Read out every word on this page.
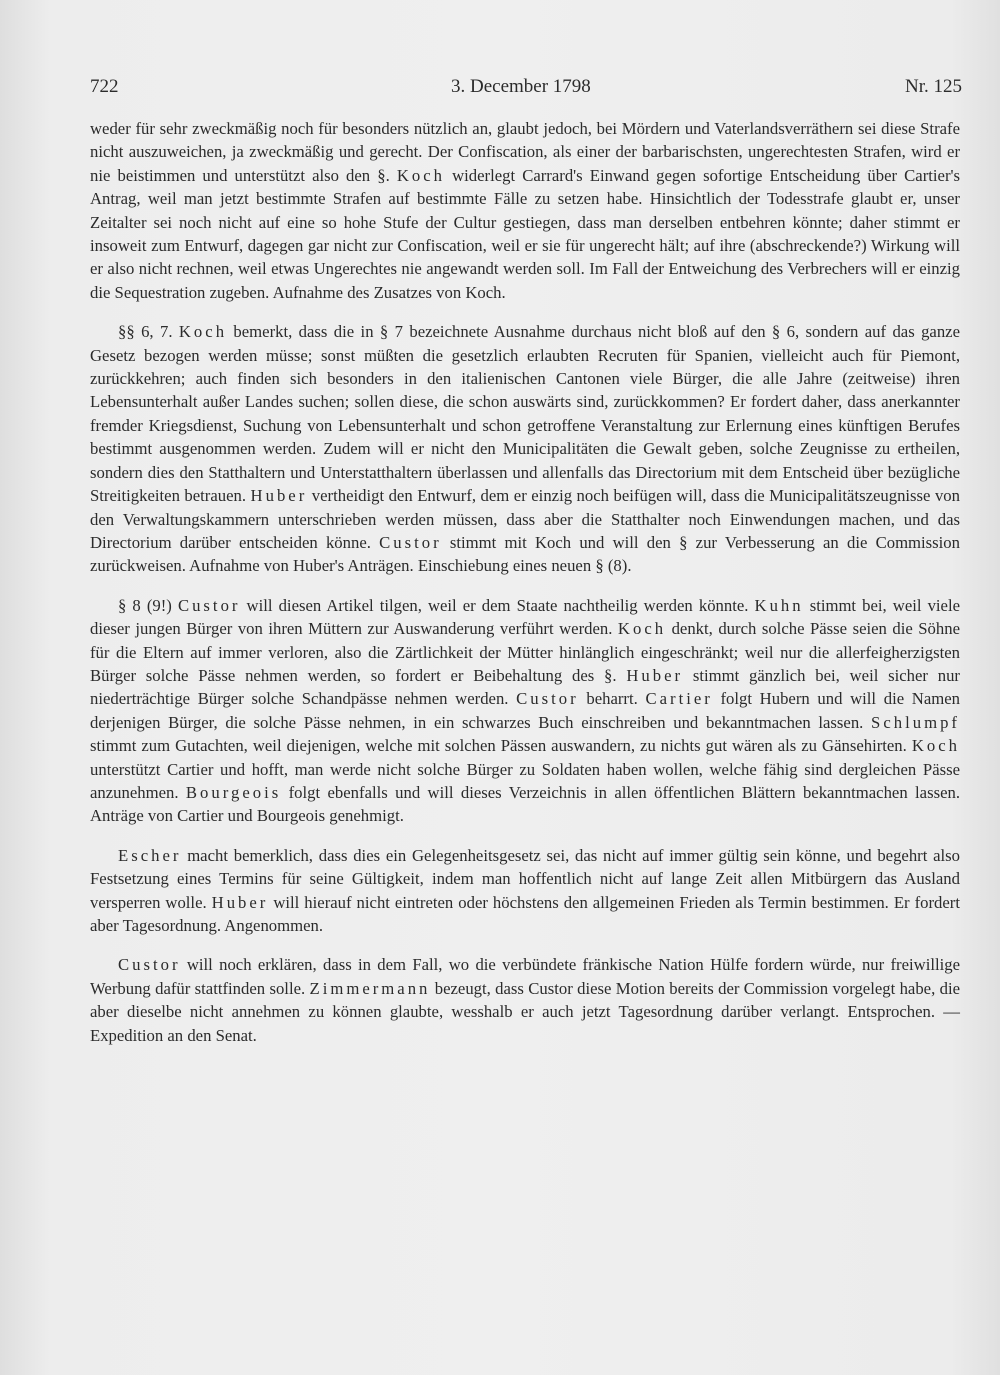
722	3. December 1798	Nr. 125

weder für sehr zweckmäßig noch für besonders nützlich an, glaubt jedoch, bei Mördern und Vaterlandsverräthern sei diese Strafe nicht auszuweichen, ja zweckmäßig und gerecht. Der Confiscation, als einer der barbarischsten, ungerechtesten Strafen, wird er nie beistimmen und unterstützt also den §. Koch widerlegt Carrard's Einwand gegen sofortige Entscheidung über Cartier's Antrag, weil man jetzt bestimmte Strafen auf bestimmte Fälle zu setzen habe. Hinsichtlich der Todesstrafe glaubt er, unser Zeitalter sei noch nicht auf eine so hohe Stufe der Cultur gestiegen, dass man derselben entbehren könnte; daher stimmt er insoweit zum Entwurf, dagegen gar nicht zur Confiscation, weil er sie für ungerecht hält; auf ihre (abschreckende?) Wirkung will er also nicht rechnen, weil etwas Ungerechtes nie angewandt werden soll. Im Fall der Entweichung des Verbrechers will er einzig die Sequestration zugeben. Aufnahme des Zusatzes von Koch.

§§ 6, 7. Koch bemerkt, dass die in § 7 bezeichnete Ausnahme durchaus nicht bloß auf den § 6, sondern auf das ganze Gesetz bezogen werden müsse; sonst müßten die gesetzlich erlaubten Recruten für Spanien, vielleicht auch für Piemont, zurückkehren; auch finden sich besonders in den italienischen Cantonen viele Bürger, die alle Jahre (zeitweise) ihren Lebensunterhalt außer Landes suchen; sollen diese, die schon auswärts sind, zurückkommen? Er fordert daher, dass anerkannter fremder Kriegsdienst, Suchung von Lebensunterhalt und schon getroffene Veranstaltung zur Erlernung eines künftigen Berufes bestimmt ausgenommen werden. Zudem will er nicht den Municipalitäten die Gewalt geben, solche Zeugnisse zu ertheilen, sondern dies den Statthaltern und Unterstatthaltern überlassen und allenfalls das Directorium mit dem Entscheid über bezügliche Streitigkeiten betrauen. Huber vertheidigt den Entwurf, dem er einzig noch beifügen will, dass die Municipalitätszeugnisse von den Verwaltungskammern unterschrieben werden müssen, dass aber die Statthalter noch Einwendungen machen, und das Directorium darüber entscheiden könne. Custor stimmt mit Koch und will den § zur Verbesserung an die Commission zurückweisen. Aufnahme von Huber's Anträgen. Einschiebung eines neuen § (8).

§ 8 (9!) Custor will diesen Artikel tilgen, weil er dem Staate nachtheilig werden könnte. Kuhn stimmt bei, weil viele dieser jungen Bürger von ihren Müttern zur Auswanderung verführt werden. Koch denkt, durch solche Pässe seien die Söhne für die Eltern auf immer verloren, also die Zärtlichkeit der Mütter hinlänglich eingeschränkt; weil nur die allerfeigherzigsten Bürger solche Pässe nehmen werden, so fordert er Beibehaltung des §. Huber stimmt gänzlich bei, weil sicher nur niederträchtige Bürger solche Schandpässe nehmen werden. Custor beharrt. Cartier folgt Hubern und will die Namen derjenigen Bürger, die solche Pässe nehmen, in ein schwarzes Buch einschreiben und bekanntmachen lassen. Schlumpf stimmt zum Gutachten, weil diejenigen, welche mit solchen Pässen auswandern, zu nichts gut wären als zu Gänsehirten. Koch unterstützt Cartier und hofft, man werde nicht solche Bürger zu Soldaten haben wollen, welche fähig sind dergleichen Pässe anzunehmen. Bourgeois folgt ebenfalls und will dieses Verzeichnis in allen öffentlichen Blättern bekanntmachen lassen. Anträge von Cartier und Bourgeois genehmigt.

Escher macht bemerklich, dass dies ein Gelegenheitsgesetz sei, das nicht auf immer gültig sein könne, und begehrt also Festsetzung eines Termins für seine Gültigkeit, indem man hoffentlich nicht auf lange Zeit allen Mitbürgern das Ausland versperren wolle. Huber will hierauf nicht eintreten oder höchstens den allgemeinen Frieden als Termin bestimmen. Er fordert aber Tagesordnung. Angenommen.

Custor will noch erklären, dass in dem Fall, wo die verbündete fränkische Nation Hülfe fordern würde, nur freiwillige Werbung dafür stattfinden solle. Zimmermann bezeugt, dass Custor diese Motion bereits der Commission vorgelegt habe, die aber dieselbe nicht annehmen zu können glaubte, wesshalb er auch jetzt Tagesordnung darüber verlangt. Entsprochen. — Expedition an den Senat.
